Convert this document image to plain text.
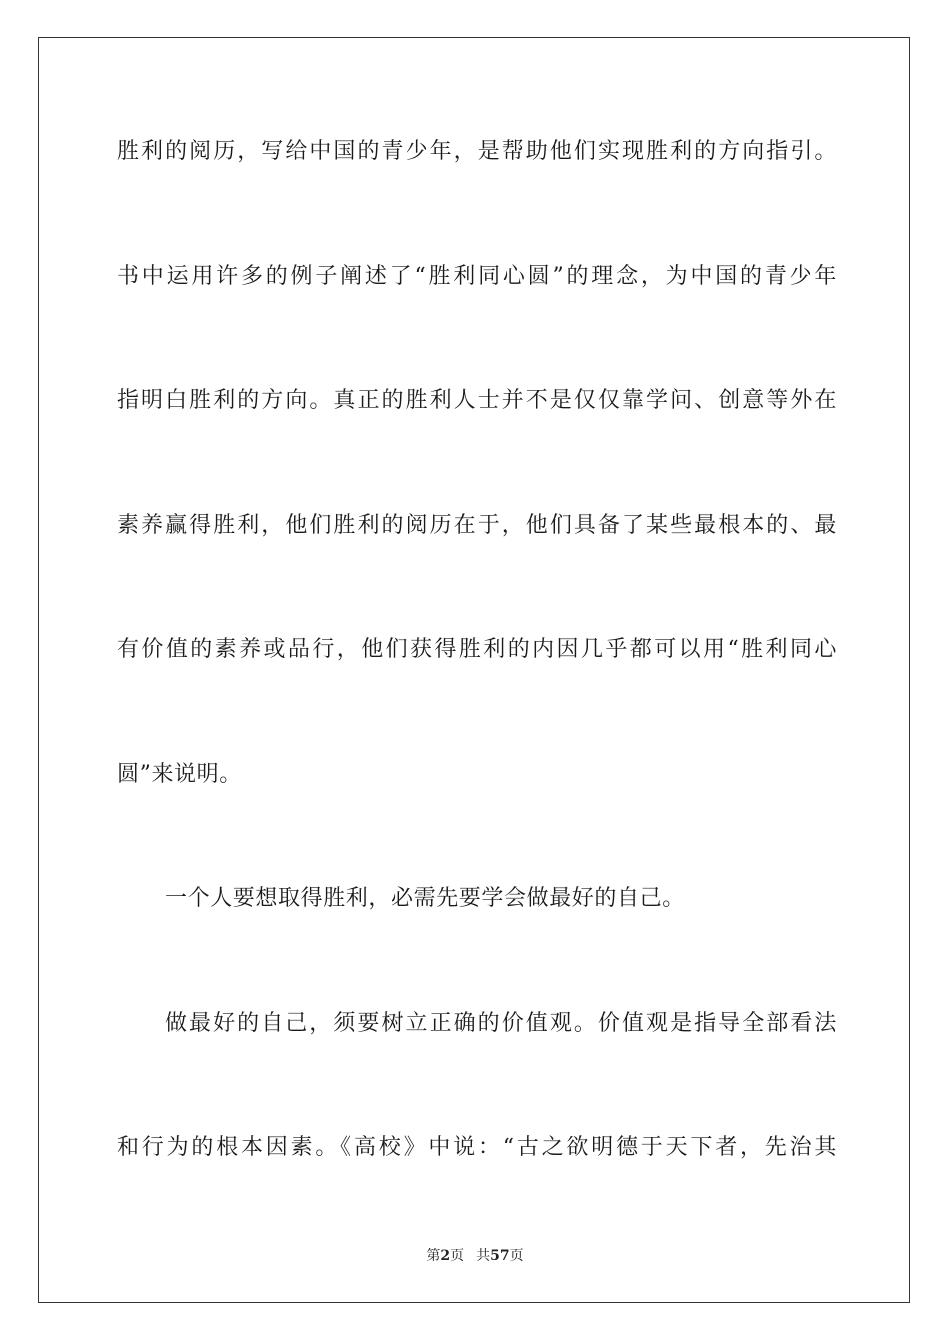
胜利的阅历，写给中国的青少年，是帮助他们实现胜利的方向指引。
书中运用许多的例子阐述了“胜利同心圆”的理念，为中国的青少年
指明白胜利的方向。真正的胜利人士并不是仅仅靠学问、创意等外在
素养赢得胜利，他们胜利的阅历在于，他们具备了某些最根本的、最
有价值的素养或品行，他们获得胜利的内因几乎都可以用“胜利同心
圆”来说明。
一个人要想取得胜利，必需先要学会做最好的自己。
做最好的自己，须要树立正确的价值观。价值观是指导全部看法
和行为的根本因素。《高校》中说：“古之欲明德于天下者，先治其
第2页 共57页
